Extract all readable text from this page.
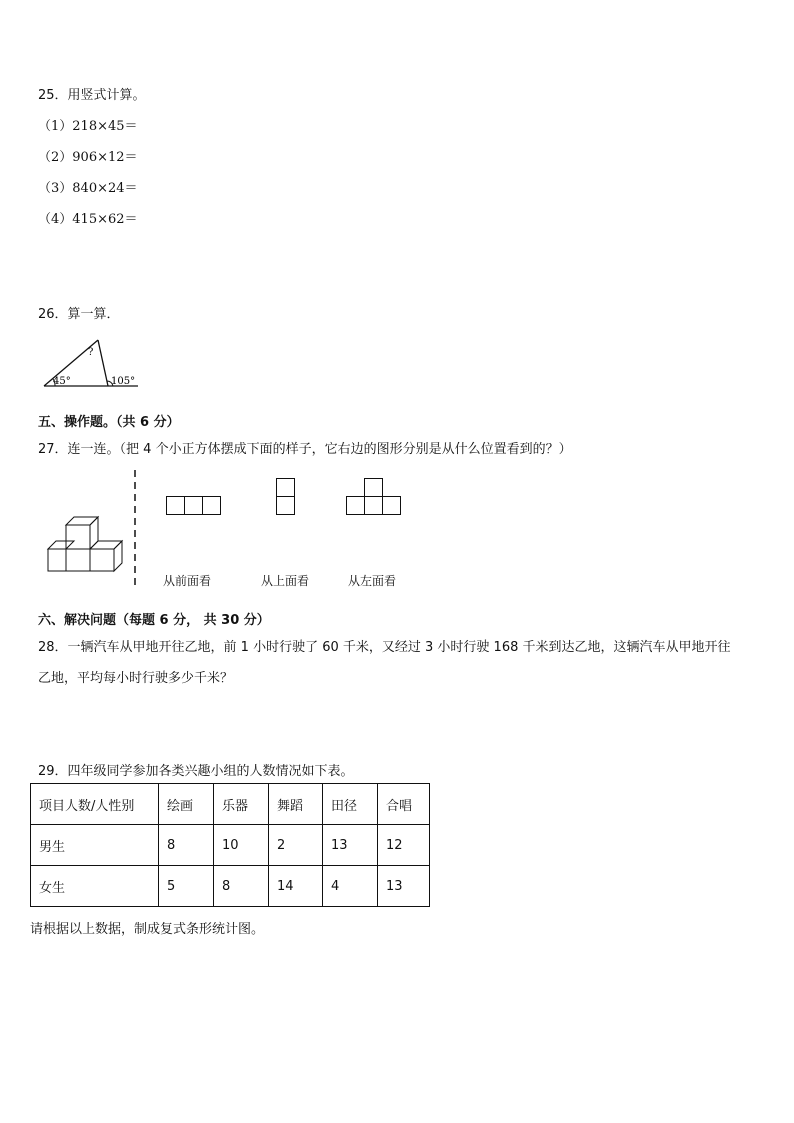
25．用竖式计算。
（1）218×45＝
（2）906×12＝
（3）840×24＝
（4）415×62＝
26．算一算．
45°
?
105°
五、操作题。（共 6 分）
27．连一连。（把 4 个小正方体摆成下面的样子，它右边的图形分别是从什么位置看到的？）
从前面看	从上面看	从左面看
六、解决问题（每题 6 分， 共 30 分）
28．一辆汽车从甲地开往乙地，前 1 小时行驶了 60 千米，又经过 3 小时行驶 168 千米到达乙地，这辆汽车从甲地开往
乙地，平均每小时行驶多少千米？
29．四年级同学参加各类兴趣小组的人数情况如下表。
项目人数/人性别	绘画	乐器	舞蹈	田径	合唱
男生	8	10	2	13	12
女生	5	8	14	4	13
请根据以上数据，制成复式条形统计图。
